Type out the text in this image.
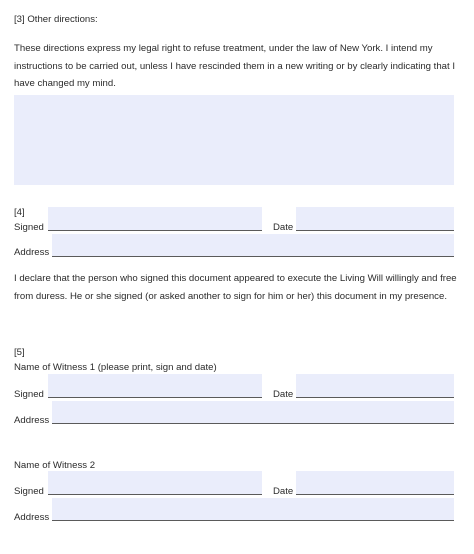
[3] Other directions:
These directions express my legal right to refuse treatment, under the law of New York. I intend my instructions to be carried out, unless I have rescinded them in a new writing or by clearly indicating that I have changed my mind.
[4]
Signed	Date
Address
I declare that the person who signed this document appeared to execute the Living Will willingly and free from duress. He or she signed (or asked another to sign for him or her) this document in my presence.
[5]
Name of Witness 1 (please print, sign and date)
Signed	Date
Address
Name of Witness 2
Signed	Date
Address
